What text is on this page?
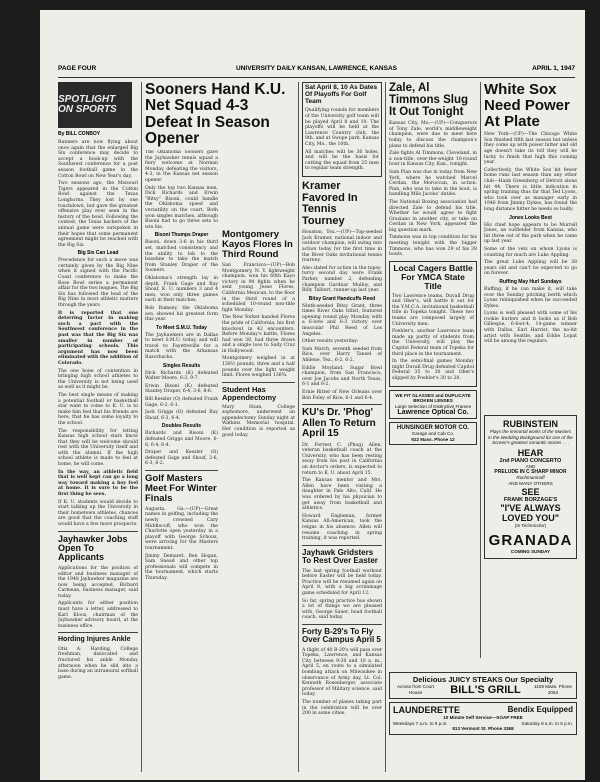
PAGE FOUR	UNIVERSITY DAILY KANSAN, LAWRENCE, KANSAS	APRIL 1, 1947
SPOTLIGHT ON SPORTS
By BILL CONBOY

Runners are now flying about once again that the enlarged Big Six conference may decide to accept a hook-up with the Southwest conference for a post season football game in the Cotton Bowl on New Year's day.

Two seasons ago, the Missouri Tigers appeared in the Cotton Bowl against the Texas Longhorns. They lost by one touchdown, but gave the greatest offensive play ever seen in the history of the bowl. Following the contest, the Texas backers of the annual game were outspoken in their hopes that some permanent agreement might be reached with the Big Six.

Big Six Can Lead

Precedence for such a move was certainly given by the Big Nine when it signed with the Pacific Coast conference to make the Rose Bowl series a permanent affair for the two leagues. The Big Six has followed the lead of the Big Nine in most athletic matters through the years.

It is reported that one deterring factor in making such a pact with the Southwest conference in the past was that the Big Six was smaller in number of participating schools. This argument has now been eliminated with the addition of Colorado.

The one bone of contention in bringing high school athletes to the University is not being used as well as it might be.

The best single means of making a potential football or basketball star want to come to K. U. is to make him feel that his friends are here, that he has some loyalty to the school.

The responsibility for letting Kansas high school stars know that they will be welcome should rest with the University itself and with the alumni. If the high school athlete is made to feel at home, he will come.

In the way, an athletic field that is well kept can go a long way toward making a boy feel at home. It is sure to be the first thing he sees.

If K. U. students would decide to start talking up the University in their hometown athletes, chances are good that the coaching staff would have a few more prospects.

Jayhawker Jobs Open To Applicants

Applications for the position of editor and business manager of the 1948 Jayhawker magazine are now being accepted, Richard Carmean, business manager, said today.

Applicants for either position must have a letter, addressed to Karl Klooz, chairman of the Jayhawker advisory board, at the business office.

Hording Injures Ankle

Otis A. Harding, College freshman, dislocated and fractured his ankle Monday afternoon when he slid into a base during an intramural softball game.

Sooners Hand K.U. Net Squad 4-3 Defeat In Season Opener

The Oklahoma Sooners gave the Jayhawker tennis squad a fiery welcome at Norman Monday, defeating the visitors, 4-3, in the Kansas net season opener.

Only the top two Kansas men, Dick Richards and Erwin "Bitsy" Bisoni, could handle the Oklahoma speed and versatility on the court. Both won singles matches, although Bisoni had to go three sets to win his.

Bisoni Thumps Draper

Bisoni, down 3-6 in his third set, matched consistency and the ability to lob to the baseline to take the match from Stanley Draper of the Sooners.

Oklahoma's strength lay in depth. Frank Gage and Ray Shoaf, K. U. numbers 3 and 4 men, won only three games each in their matches.

Bob Ramsey, the Oklahoma ace, showed his greatest form this year.

To Meet S.M.U. Today

The Jayhawkers are in Dallas to meet S.M.U. today, and will travel to Fayetteville for a match with the Arkansas Razorbacks.

Singles Results

Dick Richards (K) defeated Walter Moore, 6-3, 9-7.

Erwin Bisoni (K) defeated Stanley Draper, 6-4, 3-6, 8-6.

Bill Kessler (O) defeated Frank Gage, 6-2, 6-1.

Jack Griggs (O) defeated Ray Shoaf, 6-3, 6-4.

Doubles Results

Richards and Bisoni (K) defeated Griggs and Moore, 6-8, 6-4, 6-4.

Draper and Kessler (O) defeated Gage and Shoaf, 2-6, 6-3, 6-2.

Golf Masters Meet For Winter Finals

Augusta, Ga.—(UP)—Great names in golfing, including the newly crowned Cary Middlecoff, who won the Charlotte open yesterday in a playoff with George Schoux, were arriving for the Masters tournament.

Jimmy Demaret, Ben Hogan, Sam Snead and other top professionals will compete in the tournament, which starts Thursday.

Montgomery Kayos Flores In Third Round

San Francisco—(UP)—Bob Montgomery, N. Y. lightweight champion, won his 60th Kayo victory in 90 fights when he sent young Jesse Flores, California Mexican, to the floor in the third round of a scheduled 10-round non-title fight Monday.

The New Yorker handed Flores the pride of California, his first knockout in 42 encounters. Before Monday's battle, Flores had won 38, had three draws and a single loss to Sally Cruz in Hollywood.

Montgomery weighed in at 138½ pounds, three and a half pounds over the light weight limit. Flores weighed 136¾.

Student Has Appendectomy

Mary Stum, College sophomore, underwent an appendectomy Sunday night at Watkins Memorial hospital. Her condition is reported as good today.

Sat April 8, 10 As Dates Of Playoffs For Golf Team

Qualifying rounds for members of the University golf team will be played April 8 and 10. The playoffs will be held at the Lawrence Country club, the 8th, and at Swope park, Kansas City, Mo., the 10th.

All matches will be 36 holes, and will be the basis for cutting the squad from 25 men to regular team strength.

Kramer Favored In Tennis Tourney

Houston, Tex.—(UP)—Top-seeded Jack Kramer, national indoor and outdoor champion, will swing into action today for the first time in the River Oaks invitational tennis tourney.

Also slated for action in the topsy-turvy second day were Frank Parker, number 2, defending champion Gardnar Mulloy, and Billy Talbert, runner-up last year.

Bitsy Grant Handcuffs Reed

Ninth-seeded Bitsy Grant, three times River Oaks titlist, featured opening round play Monday with a 6-love and 6-3 victory over muscular Phil Reed of Los Angeles.

Other results yesterday:

Sam Match, seventh seeded from Rice, over Harry Tansel of Abilene, Tex., 6-2, 6-2.

Eddie Moyland, Sugar Bowl champion, from San Francisco, over Joe Jacobs and North Texas, 6-1 and 6-2.

Ernie Ritter of New Orleans over Bob Foley of Rice, 6-1 and 6-4.

KU's Dr. 'Phog' Allen To Return April 15

Dr. Forrest C. (Phog) Allen, veteran basketball coach at the University, who has been resting away from his post in California on doctor's orders, is expected to return to K. U. about April 15.

The Kansas mentor and Mrs. Allen have been visiting a daughter in Palo Alto, Calif. He was ordered by his physician to get away from basketball and athletics.

Howard Engleman, former Kansas All-American, took the reigns in his absence. Allen will resume coaching in spring training, it was reported.

Jayhawk Gridsters To Rest Over Easter

The last spring football workout before Easter will be held today. Practice will be resumed again on April 8, with a big scrimmage game scheduled for April 12.

So far, spring practice has shown a lot of things we are pleased with, George Sauer, head football coach, said today.

Forty B-29's To Fly Over Campus April 5

A flight of 40 B-29's will pass over Topeka, Lawrence, and Kansas City between 9:30 and 10 a. m., April 5, en route to a simulated bombing attack on Milwaukee in observance of Army day, Lt. Col. Kenneth Rosenberger, associate professor of Military science, said today.

The number of planes taking part in the celebration will be over 200 in some cities.

Zale, Al Timmons Slug It Out Tonight

Kansas City, Mo.—(UP)—Conquerors of Tony Zale, world's middleweight champion, were due to meet here today to discuss the champion's plans to defend his title.

Zale fights Al Timmons, Cleveland, in a non-title, over-the-weight 10-round bout in Kansas City, Kan., tonight.

Sam Pian was due in today from New York, where he watched Marcel Cerdan, the Moroccan, in action. Pian, who was to take in the bout, is handling Milo Jacobs' duties.

The National Boxing association had directed Zale to defend his title. Whether he would agree to fight Graziano in another city, or take on Cerdan in New York, appeared the big question mark.

Timmons was in top condition for his meeting tonight with the bigger Timmons, who has won 29 of his 38 bouts.

Local Cagers Battle For YMCA State Title

Two Lawrence teams, Duvall Drug and Ober's, will battle it out for the Y.M.C.A. invitational basketball title in Topeka tonight. These two teams are composed largely of University men.

Poehler's, another Lawrence team made up partly of students from the University, will play the Capitol Federal team of Topeka for third place in the tournament.

In the semi-final games Monday night Duvall Drug defeated Capitol Federal 35 to 30 and Ober's slipped by Poehler's 30 to 28.

WE FIT GLASSES and DUPLICATE BROKEN LENSES
Large Selection of Distinctive Frames
Lawrence Optical Co.
HUNSINGER MOTOR CO.
Garage and Cab Co.
922 Mass. Phone 12
Delicious JUICY STEAKS Our Specialty
Across from Court House	BILL'S GRILL	1109 Mass. Phone 2054
LAUNDERETTE	Bendix Equipped
10 Minute Self Service—SOAP FREE
Weekdays 7 a.m. to 9 p.m.	Saturday 8 a.m. to 5 p.m.
813 Vermont St. Phone 3368
White Sox Need Power At Plate

New York—(UP)—The Chicago White Sox finished fifth last season but unless they come up with power hitter and old age doesn't take its toll they will be lucky to finish that high this coming year.

Collectively, the White Sox hit fewer home runs last season than any other club—Hank Greenberg of Detroit alone hit 44. There is little indication in spring training thus far that Ted Lyons, who took over as manager early in 1946 from Jimmy Dykes, has found the long distance hitter he needs so badly.

Jones Looks Best

His chief hope appears to be Murrell Jones, an outfielder from Kansas, who hit three out of the park when he came up last year.

Some of the vets on whom Lyons is counting for much are Luke Appling.

The great Luke Appling will be 38 years old and can't be expected to go on forever.

Ruffing May Hurl Sundays

Ruffing, if he can make it, will take over the Sunday pitching berth which Lyons relinquished when he succeeded Dykes.

Lyons is well pleased with some of his rookie hurlers and it looks as if Bob Gillespie, 6-foot-4, 14-game winner with Dallas, Earl Harrist, the no-hit artist with Seattle, and Eddie Lopat will be among the regulars.

RUBINSTEIN
Plays the immortal works of the Masters in the Wedding Background for one of the Screen's greatest romantic stories . . .
HEAR
2nd PIANO CONCERTO
AND
PRELUDE IN C SHARP MINOR
Rachmaninoff
AND MANY OTHERS
SEE
FRANK BORZAGE'S
"I'VE ALWAYS LOVED YOU"
(In Technicolor)
GRANADA
COMING SUNDAY
